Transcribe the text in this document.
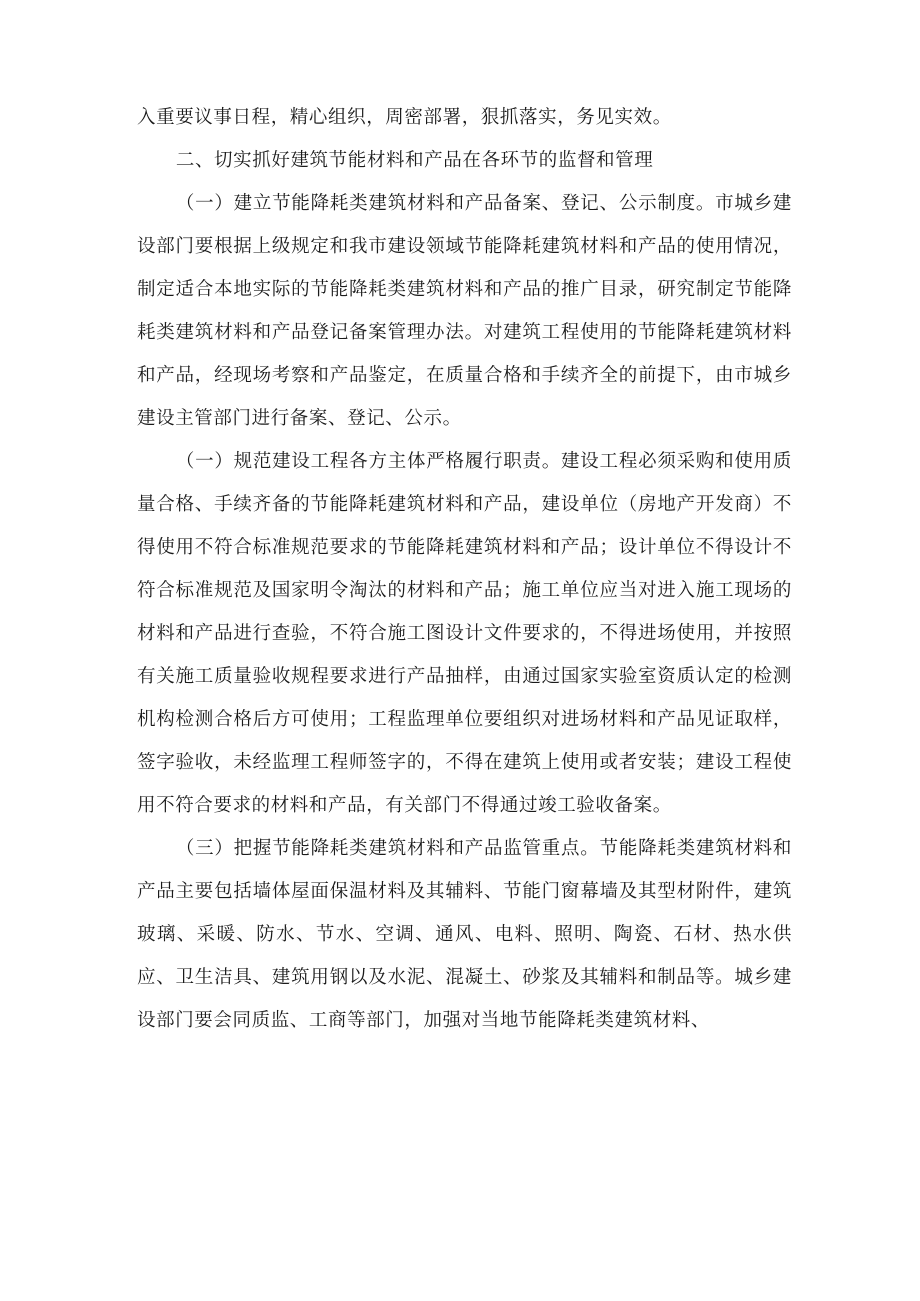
入重要议事日程，精心组织，周密部署，狠抓落实，务见实效。

二、切实抓好建筑节能材料和产品在各环节的监督和管理

（一）建立节能降耗类建筑材料和产品备案、登记、公示制度。市城乡建设部门要根据上级规定和我市建设领域节能降耗建筑材料和产品的使用情况，制定适合本地实际的节能降耗类建筑材料和产品的推广目录，研究制定节能降耗类建筑材料和产品登记备案管理办法。对建筑工程使用的节能降耗建筑材料和产品，经现场考察和产品鉴定，在质量合格和手续齐全的前提下，由市城乡建设主管部门进行备案、登记、公示。

（一）规范建设工程各方主体严格履行职责。建设工程必须采购和使用质量合格、手续齐备的节能降耗建筑材料和产品，建设单位（房地产开发商）不得使用不符合标准规范要求的节能降耗建筑材料和产品；设计单位不得设计不符合标准规范及国家明令淘汰的材料和产品；施工单位应当对进入施工现场的材料和产品进行查验，不符合施工图设计文件要求的，不得进场使用，并按照有关施工质量验收规程要求进行产品抽样，由通过国家实验室资质认定的检测机构检测合格后方可使用；工程监理单位要组织对进场材料和产品见证取样，签字验收，未经监理工程师签字的，不得在建筑上使用或者安装；建设工程使用不符合要求的材料和产品，有关部门不得通过竣工验收备案。

（三）把握节能降耗类建筑材料和产品监管重点。节能降耗类建筑材料和产品主要包括墙体屋面保温材料及其辅料、节能门窗幕墙及其型材附件，建筑玻璃、采暖、防水、节水、空调、通风、电料、照明、陶瓷、石材、热水供应、卫生洁具、建筑用钢以及水泥、混凝土、砂浆及其辅料和制品等。城乡建设部门要会同质监、工商等部门，加强对当地节能降耗类建筑材料、
